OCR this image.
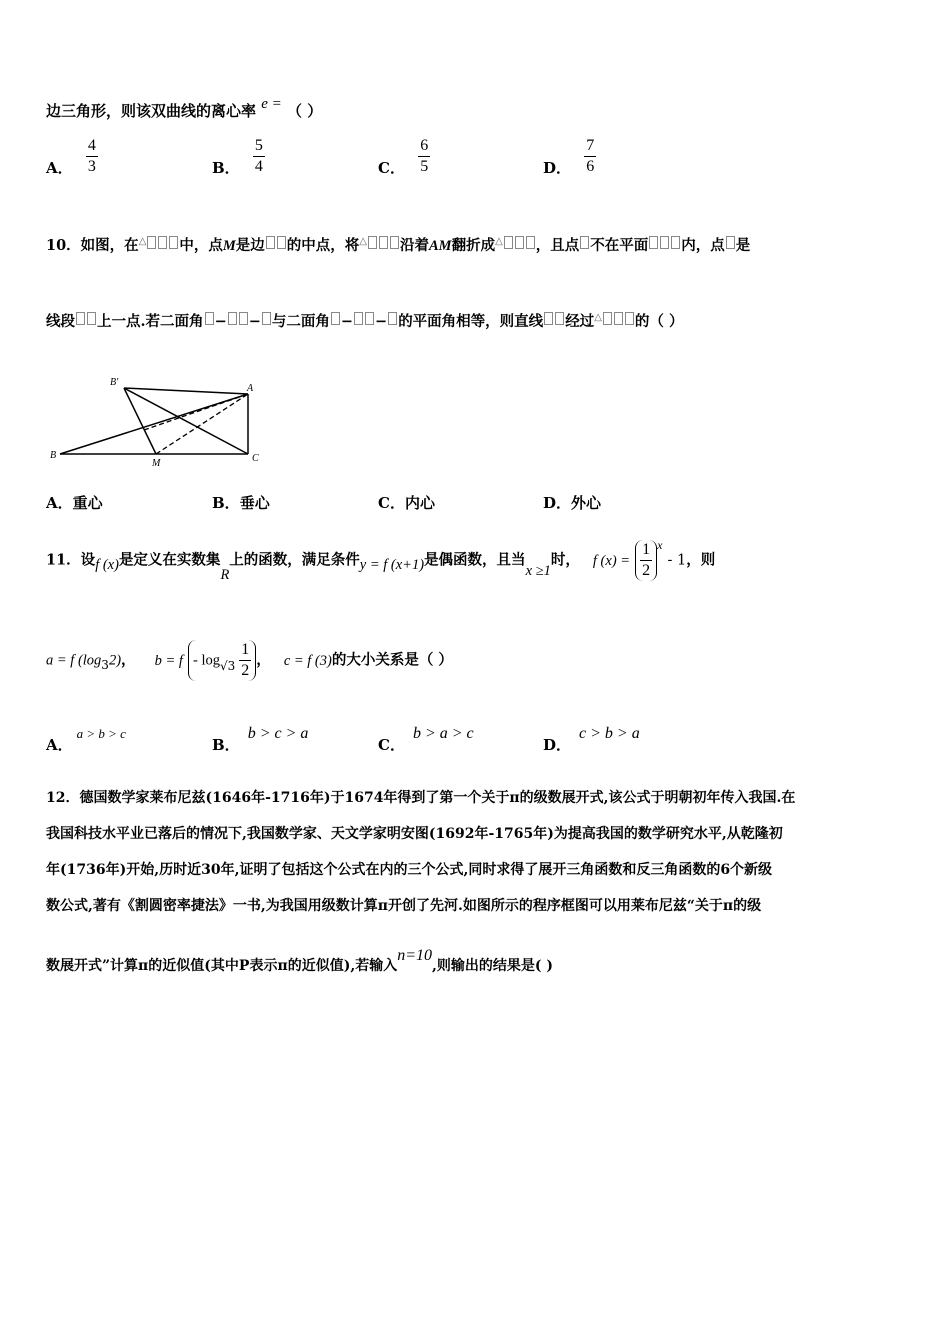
边三角形，则该双曲线的离心率 e = （ ）
A． $\frac{4}{3}$	B． $\frac{5}{4}$	C． $\frac{6}{5}$	D． $\frac{7}{6}$
10．如图，在△ 中，点M是边 的中点，将△ 沿着AM翻折成△ ，且点 不在平面 内，点 是
线段 上一点.若二面角 − − 与二面角 − − 的平面角相等，则直线 经过△ 的（ ）
B'
A
B
M	C
A．重心	B．垂心	C．内心	D．外心
11．设f (x)是定义在实数集R上的函数，满足条件y = f (x+1)是偶函数，且当x ≥1时， f $(x) = \frac{1}{2} ^x - 1$，则
a = f $(\log_32)$， $b = f - \log_{√3} \frac{1}{2}$ ， c = f (3)的大小关系是（ ）
A．a > b > c
B．b > c > a
C．b > a > c
D．c > b > a
12．德国数学家莱布尼兹(1646年-1716年)于1674年得到了第一个关于π的级数展开式,该公式于明朝初年传入我国.在
我国科技水平业已落后的情况下,我国数学家、天文学家明安图(1692年-1765年)为提高我国的数学研究水平,从乾隆初
年(1736年)开始,历时近30年,证明了包括这个公式在内的三个公式,同时求得了展开三角函数和反三角函数的6个新级
数公式,著有《割圆密率捷法》一书,为我国用级数计算π开创了先河.如图所示的程序框图可以用莱布尼兹“关于π的级
数展开式”计算π的近似值(其中P表示π的近似值),若输入n=10,则输出的结果是( )
